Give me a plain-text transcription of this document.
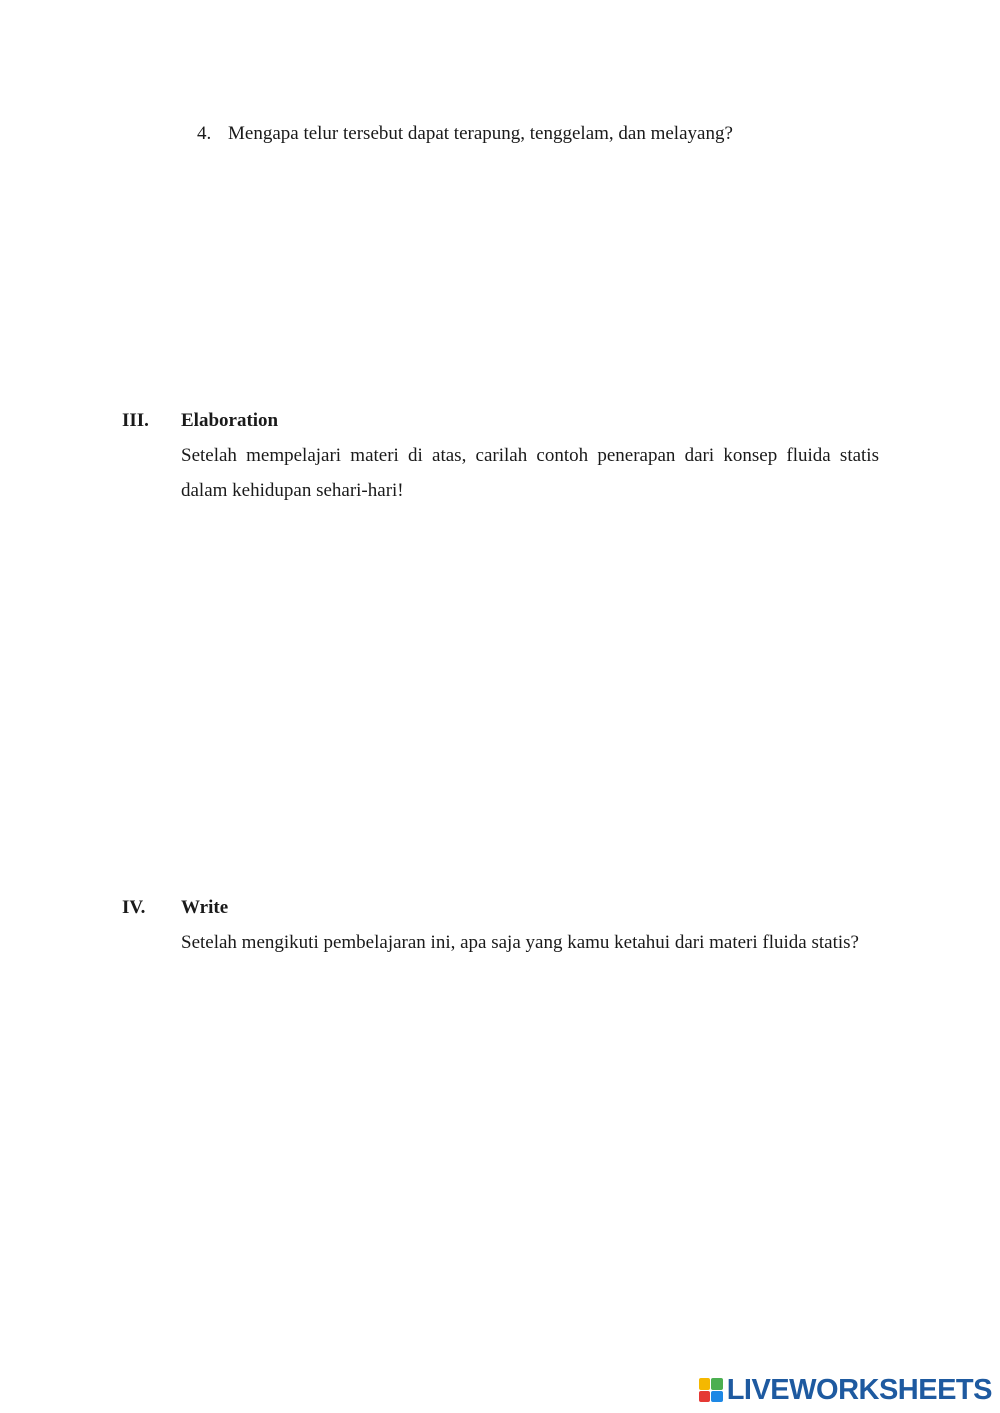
4. Mengapa telur tersebut dapat terapung, tenggelam, dan melayang?
III. Elaboration

Setelah mempelajari materi di atas, carilah contoh penerapan dari konsep fluida statis dalam kehidupan sehari-hari!

IV. Write

Setelah mengikuti pembelajaran ini, apa saja yang kamu ketahui dari materi fluida statis?

LIVEWORKSHEETS
